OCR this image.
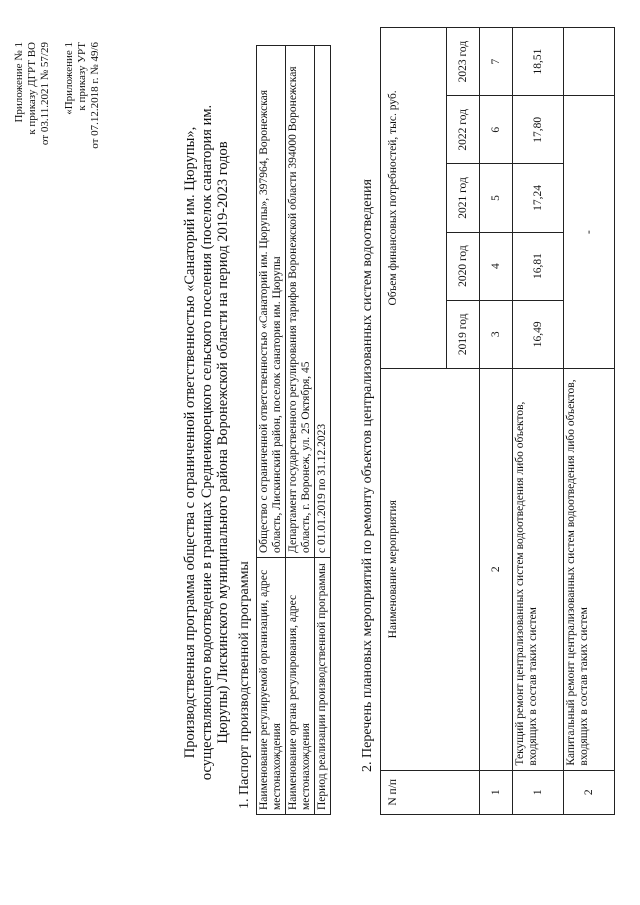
Приложение № 1 к приказу ДГРТ ВО от 03.11.2021 № 57/29 «Приложение 1 к приказу УРТ от 07.12.2018 г. № 49/6
Производственная программа общества с ограниченной ответственностью «Санаторий им. Цюрупы», осуществляющего водоотведение в границах Среднеикорецкого сельского поселения (поселок санатория им. Цюрупы) Лискинского муниципального района Воронежской области на период 2019-2023 годов 1. Паспорт производственной программы Наименование регулируемой организации, адрес местонахождения	Общество с ограниченной ответственностью «Санаторий им. Цюрупы», 397964, Воронежская область, Лискинский район, поселок санатория им. Цюрупы
Наименование органа регулирования, адрес местонахождения	Департамент государственного регулирования тарифов Воронежской области 394000 Воронежская область, г. Воронеж, ул. 25 Октября, 45
Период реализации производственной программы	с 01.01.2019 по 31.12.2023 2. Перечень плановых мероприятий по ремонту объектов централизованных систем водоотведения
N п/п	Наименование мероприятия	Объем финансовых потребностей, тыс. руб.				
		2019 год	2020 год	2021 год	2022 год	2023 год
1	2	3	4	5	6	7
1	Текущий ремонт централизованных систем водоотведения либо объектов, входящих в состав таких систем	16,49	16,81	17,24	17,80	18,51
2	Капитальный ремонт централизованных систем водоотведения либо объектов, входящих в состав таких систем	-				
